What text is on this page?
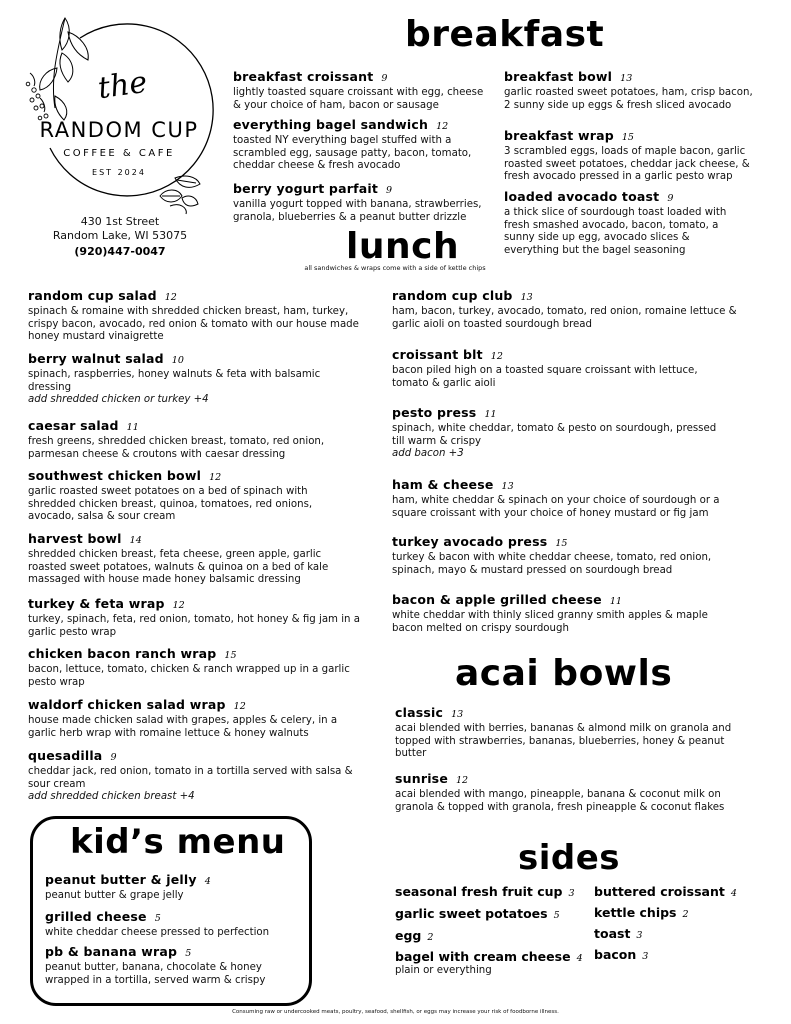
the
RANDOM CUP
COFFEE & CAFE
EST 2024
430 1st Street
Random Lake, WI 53075
(920)447-0047
breakfast
breakfast croissant 9
lightly toasted square croissant with egg, cheese & your choice of ham, bacon or sausage
everything bagel sandwich 12
toasted NY everything bagel stuffed with a scrambled egg, sausage patty, bacon, tomato, cheddar cheese & fresh avocado
berry yogurt parfait 9
vanilla yogurt topped with banana, strawberries, granola, blueberries & a peanut butter drizzle
breakfast bowl 13
garlic roasted sweet potatoes, ham, crisp bacon, 2 sunny side up eggs & fresh sliced avocado
breakfast wrap 15
3 scrambled eggs, loads of maple bacon, garlic roasted sweet potatoes, cheddar jack cheese, & fresh avocado pressed in a garlic pesto wrap
loaded avocado toast 9
a thick slice of sourdough toast loaded with fresh smashed avocado, bacon, tomato, a sunny side up egg, avocado slices & everything but the bagel seasoning
lunch
all sandwiches & wraps come with a side of kettle chips
random cup salad 12
spinach & romaine with shredded chicken breast, ham, turkey, crispy bacon, avocado, red onion & tomato with our house made honey mustard vinaigrette
berry walnut salad 10
spinach, raspberries, honey walnuts & feta with balsamic dressing
add shredded chicken or turkey +4
caesar salad 11
fresh greens, shredded chicken breast, tomato, red onion, parmesan cheese & croutons with caesar dressing
southwest chicken bowl 12
garlic roasted sweet potatoes on a bed of spinach with shredded chicken breast, quinoa, tomatoes, red onions, avocado, salsa & sour cream
harvest bowl 14
shredded chicken breast, feta cheese, green apple, garlic roasted sweet potatoes, walnuts & quinoa on a bed of kale massaged with house made honey balsamic dressing
turkey & feta wrap 12
turkey, spinach, feta, red onion, tomato, hot honey & fig jam in a garlic pesto wrap
chicken bacon ranch wrap 15
bacon, lettuce, tomato, chicken & ranch wrapped up in a garlic pesto wrap
waldorf chicken salad wrap 12
house made chicken salad with grapes, apples & celery, in a garlic herb wrap with romaine lettuce & honey walnuts
quesadilla 9
cheddar jack, red onion, tomato in a tortilla served with salsa & sour cream
add shredded chicken breast +4
random cup club 13
ham, bacon, turkey, avocado, tomato, red onion, romaine lettuce & garlic aioli on toasted sourdough bread
croissant blt 12
bacon piled high on a toasted square croissant with lettuce, tomato & garlic aioli
pesto press 11
spinach, white cheddar, tomato & pesto on sourdough, pressed till warm & crispy
add bacon +3
ham & cheese 13
ham, white cheddar & spinach on your choice of sourdough or a square croissant with your choice of honey mustard or fig jam
turkey avocado press 15
turkey & bacon with white cheddar cheese, tomato, red onion, spinach, mayo & mustard pressed on sourdough bread
bacon & apple grilled cheese 11
white cheddar with thinly sliced granny smith apples & maple bacon melted on crispy sourdough
acai bowls
classic 13
acai blended with berries, bananas & almond milk on granola and topped with strawberries, bananas, blueberries, honey & peanut butter
sunrise 12
acai blended with mango, pineapple, banana & coconut milk on granola & topped with granola, fresh pineapple & coconut flakes
kid’s menu
peanut butter & jelly 4
peanut butter & grape jelly
grilled cheese 5
white cheddar cheese pressed to perfection
pb & banana wrap 5
peanut butter, banana, chocolate & honey wrapped in a tortilla, served warm & crispy
sides
seasonal fresh fruit cup 3
garlic sweet potatoes 5
egg 2
bagel with cream cheese 4
plain or everything
buttered croissant 4
kettle chips 2
toast 3
bacon 3
Consuming raw or undercooked meats, poultry, seafood, shellfish, or eggs may increase your risk of foodborne illness.
